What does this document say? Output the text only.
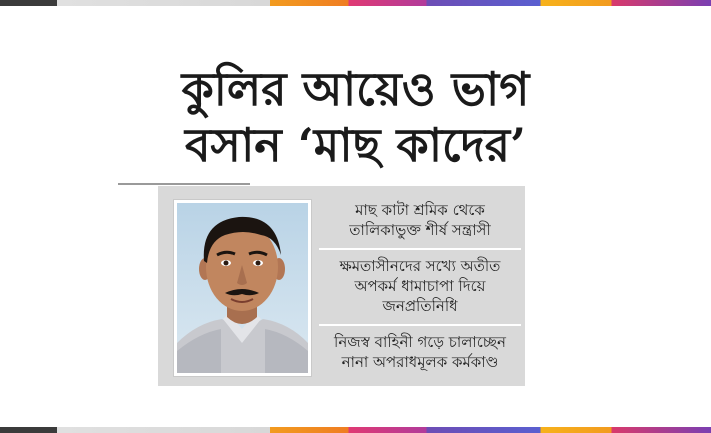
কুলির আয়েও ভাগ
বসান ‘মাছ কাদের’
মাছ কাটা শ্রমিক থেকে তালিকাভুক্ত শীর্ষ সন্ত্রাসী
ক্ষমতাসীনদের সখ্যে অতীত অপকর্ম ধামাচাপা দিয়ে জনপ্রতিনিধি
নিজস্ব বাহিনী গড়ে চালাচ্ছেন নানা অপরাধমূলক কর্মকাণ্ড
